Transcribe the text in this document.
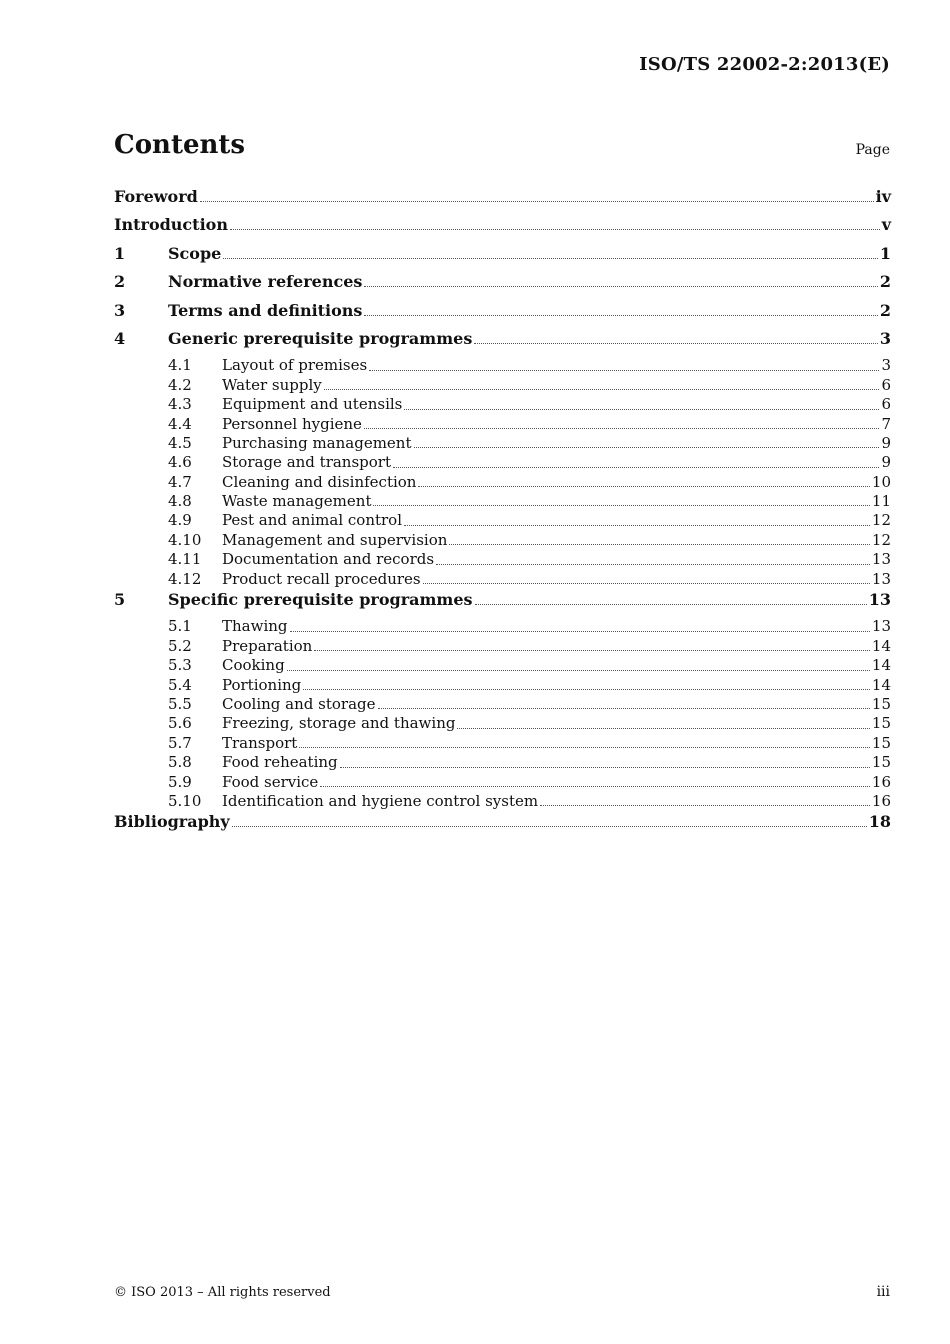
ISO/TS 22002-2:2013(E)
Contents	Page
Foreword	iv
Introduction	v
1	Scope	1
2	Normative references	2
3	Terms and definitions	2
4	Generic prerequisite programmes	3
4.1 Layout of premises	3
4.2 Water supply	6
4.3 Equipment and utensils	6
4.4 Personnel hygiene	7
4.5 Purchasing management	9
4.6 Storage and transport	9
4.7 Cleaning and disinfection	10
4.8 Waste management	11
4.9 Pest and animal control	12
4.10 Management and supervision	12
4.11 Documentation and records	13
4.12 Product recall procedures	13
5	Specific prerequisite programmes	13
5.1 Thawing	13
5.2 Preparation	14
5.3 Cooking	14
5.4 Portioning	14
5.5 Cooling and storage	15
5.6 Freezing, storage and thawing	15
5.7 Transport	15
5.8 Food reheating	15
5.9 Food service	16
5.10 Identification and hygiene control system	16
Bibliography	18
© ISO 2013 – All rights reserved	iii
